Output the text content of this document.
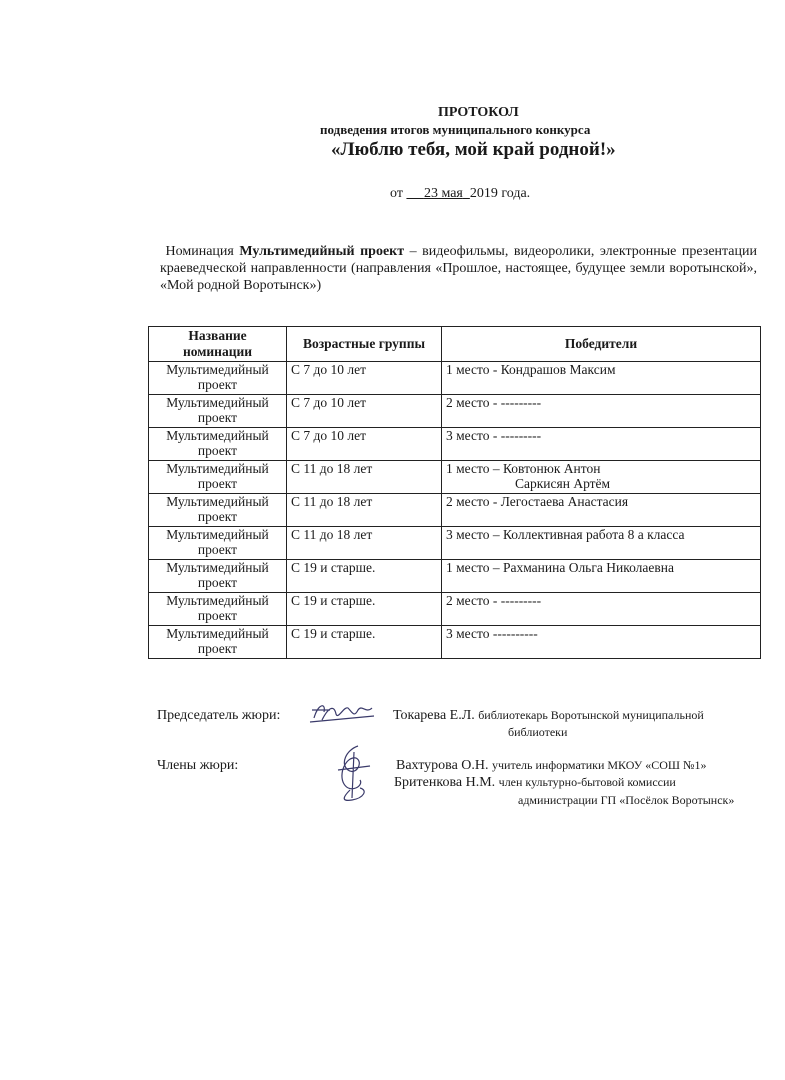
ПРОТОКОЛ
подведения итогов муниципального конкурса
«Люблю тебя, мой край родной!»
от 23 мая 2019 года.
Номинация Мультимедийный проект – видеофильмы, видеоролики, электронные презентации краеведческой направленности (направления «Прошлое, настоящее, будущее земли воротынской», «Мой родной Воротынск»)
Название номинации	Возрастные группы	Победители
Мультимедийный проект	С 7 до 10 лет	1 место - Кондрашов Максим
Мультимедийный проект	С 7 до 10 лет	2 место - ---------
Мультимедийный проект	С 7 до 10 лет	3 место - ---------
Мультимедийный проект	С 11 до 18 лет	1 место – Ковтонюк Антон
Саркисян Артём

Мультимедийный проект	С 11 до 18 лет	2 место - Легостаева Анастасия
Мультимедийный проект	С 11 до 18 лет	3 место – Коллективная работа 8 а класса
Мультимедийный проект	С 19 и старше.	1 место – Рахманина Ольга Николаевна
Мультимедийный проект	С 19 и старше.	2 место - ---------
Мультимедийный проект	С 19 и старше.	3 место ----------
Председатель жюри:	Токарева Е.Л. библиотекарь Воротынской муниципальной
библиотеки
Члены жюри:	Вахтурова О.Н. учитель информатики МКОУ «СОШ №1»
Бритенкова Н.М. член культурно-бытовой комиссии
администрации ГП «Посёлок Воротынск»
